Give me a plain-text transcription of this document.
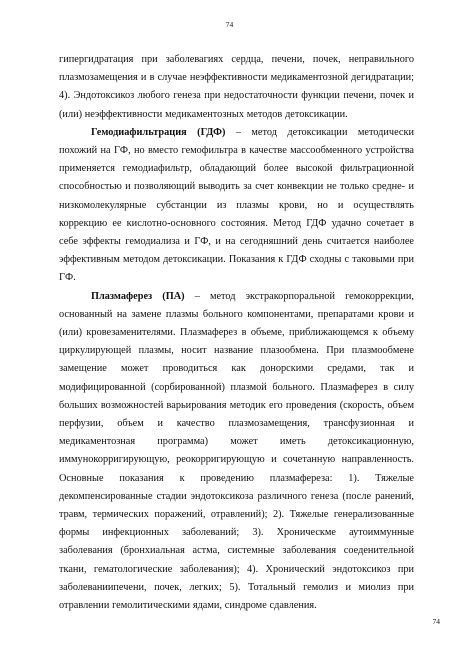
74

гипергидратация при заболевагиях сердца, печени, почек, неправильного плазмозамещения и в случае неэффективности медикаментозной дегидратации; 4). Эндотоксикоз любого генеза при недостаточности функции печени, почек и (или) неэффективности медикаментозных методов детоксикации.

Гемодиафильтрация (ГДФ) – метод детоксикации методически похожий на ГФ, но вместо гемофильтра в качестве массообменного устройства применяется гемодиафильтр, обладающий более высокой фильтрационной способностью и позволяющий выводить за счет конвекции не только средне- и низкомолекулярные субстанции из плазмы крови, но и осуществлять коррекцию ее кислотно-основного состояния. Метод ГДФ удачно сочетает в себе эффекты гемодиализа и ГФ, и на сегодняшний день считается наиболее эффективным методом детоксикации. Показания к ГДФ сходны с таковыми при ГФ.

Плазмаферез (ПА) – метод экстракорпоральной гемокоррекции, основанный на замене плазмы больного компонентами, препаратами крови и (или) кровезаменителями. Плазмаферез в объеме, приближающемся к объему циркулирующей плазмы, носит название плазообмена. При плазмообмене замещение может проводиться как донорскими средами, так и модифицированной (сорбированной) плазмой больного. Плазмаферез в силу больших возможностей варьирования методик его проведения (скорость, объем перфузии, объем и качество плазмозамещения, трансфузионная и медикаментозная программа) может иметь детоксикационную, иммунокорригирующую, реокорригирующую и сочетанную направленность. Основные показания к проведению плазмафереза: 1). Тяжелые декомпенсированные стадии эндотоксикоза различного генеза (после ранений, травм, термических поражений, отравлений); 2). Тяжелые генерализованные формы инфекционных заболеваний; 3). Хроническме аутоиммунные заболевания (бронхиальная астма, системные заболевания соеденительной ткани, гематологические заболевания); 4). Хронический эндотоксикоз при заболеваниипечени, почек, легких; 5). Тотальный гемолиз и миолиз при отравлении гемолитическими ядами, синдроме сдавления.

74
